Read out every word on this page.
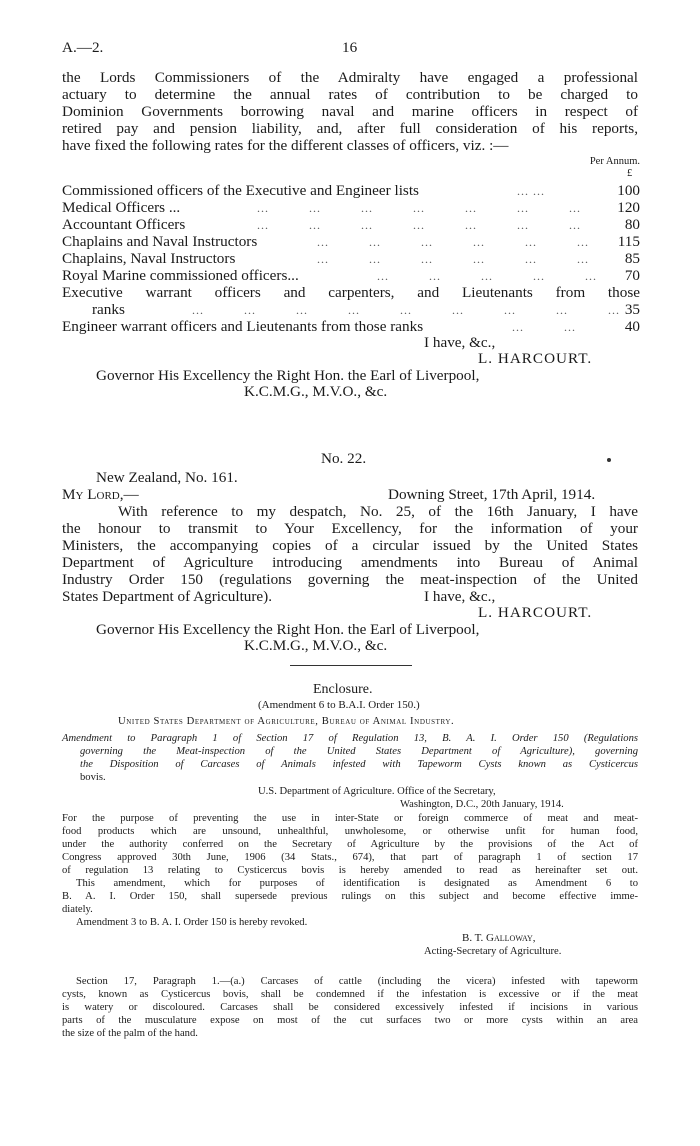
A.—2.	16
the Lords Commissioners of the Admiralty have engaged a professional
actuary to determine the annual rates of contribution to be charged to
Dominion Governments borrowing naval and marine officers in respect of
retired pay and pension liability, and, after full consideration of his reports,
have fixed the following rates for the different classes of officers, viz. :—
Per Annum.
£
Commissioned officers of the Executive and Engineer lists	... ...	100
Medical Officers ...	... ... ... ... ... ... ... 120
Accountant Officers	... ... ... ... ... ... ...	80
Chaplains and Naval Instructors	... ... ... ... ... ... 115
Chaplains, Naval Instructors	... ... ... ... ... ... 85
Royal Marine commissioned officers...	... ... ... ... ... 70
Executive warrant officers and carpenters, and Lieutenants from those
ranks	... ... ... ... ... ... ... ... ... 35
Engineer warrant officers and Lieutenants from those ranks	... ...	40
I have, &c.,
L. HARCOURT.
Governor His Excellency the Right Hon. the Earl of Liverpool,
K.C.M.G., M.V.O., &c.
No. 22.
New Zealand, No. 161.
My Lord,—	Downing Street, 17th April, 1914.
With reference to my despatch, No. 25, of the 16th January, I have
the honour to transmit to Your Excellency, for the information of your
Ministers, the accompanying copies of a circular issued by the United States
Department of Agriculture introducing amendments into Bureau of Animal
Industry Order 150 (regulations governing the meat-inspection of the United
States Department of Agriculture).	I have, &c.,
L. HARCOURT.
Governor His Excellency the Right Hon. the Earl of Liverpool,
K.C.M.G., M.V.O., &c.
Enclosure.
(Amendment 6 to B.A.I. Order 150.)
United States Department of Agriculture, Bureau of Animal Industry.
Amendment to Paragraph 1 of Section 17 of Regulation 13, B. A. I. Order 150 (Regulations
governing the Meat-inspection of the United States Department of Agriculture), governing
the Disposition of Carcases of Animals infested with Tapeworm Cysts known as Cysticercus
bovis.
U.S. Department of Agriculture. Office of the Secretary,
Washington, D.C., 20th January, 1914.
For the purpose of preventing the use in inter-State or foreign commerce of meat and meat-
food products which are unsound, unhealthful, unwholesome, or otherwise unfit for human food,
under the authority conferred on the Secretary of Agriculture by the provisions of the Act of
Congress approved 30th June, 1906 (34 Stats., 674), that part of paragraph 1 of section 17
of regulation 13 relating to Cysticercus bovis is hereby amended to read as hereinafter set out.
This amendment, which for purposes of identification is designated as Amendment 6 to
B. A. I. Order 150, shall supersede previous rulings on this subject and become effective imme-
diately.
Amendment 3 to B. A. I. Order 150 is hereby revoked.
B. T. Galloway,
Acting-Secretary of Agriculture.
Section 17, Paragraph 1.—(a.) Carcases of cattle (including the vicera) infested with tapeworm
cysts, known as Cysticercus bovis, shall be condemned if the infestation is excessive or if the meat
is watery or discoloured. Carcases shall be considered excessively infested if incisions in various
parts of the musculature expose on most of the cut surfaces two or more cysts within an area
the size of the palm of the hand.
